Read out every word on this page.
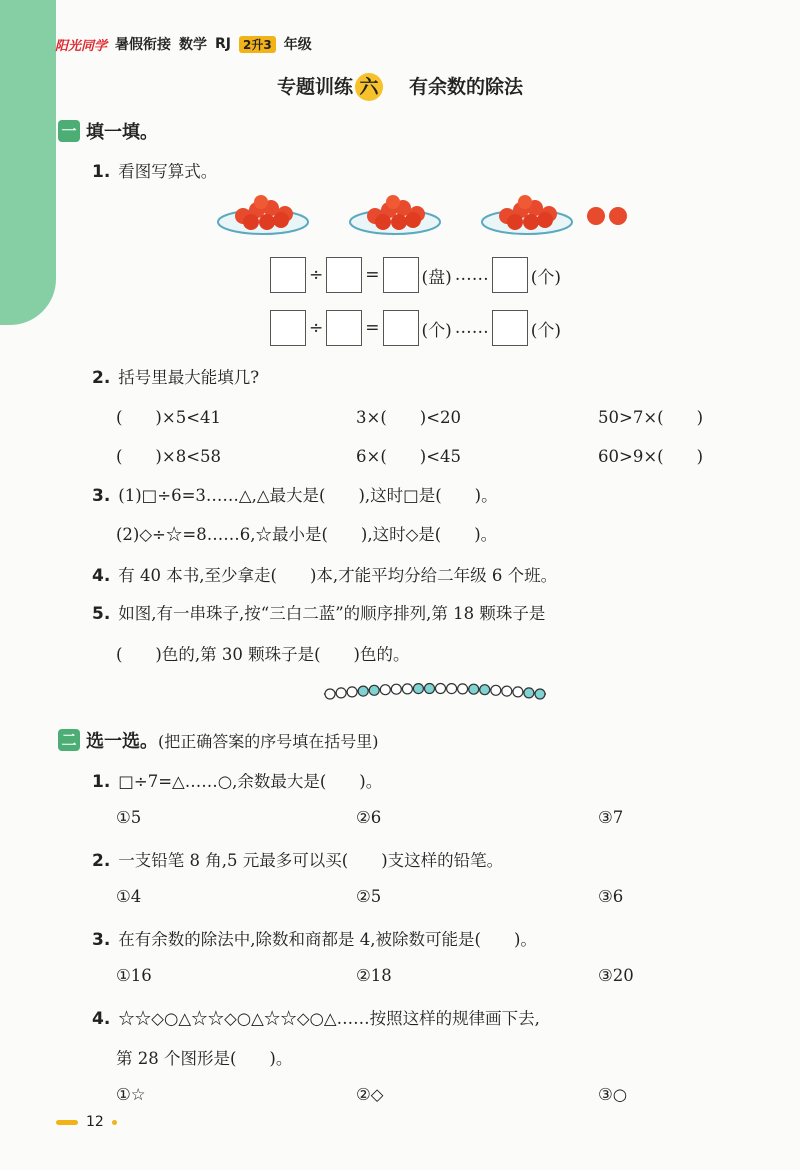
阳光同学 暑假衔接 数学 RJ	2升3 年级
专题训练 六 有余数的除法
一 填一填。
1. 看图写算式。
÷ = (盘) …… (个)
÷ = (个) …… (个)
2. 括号里最大能填几?
(　　)×5<41	3×(　　)<20	50>7×(　　)
(　　)×8<58	6×(　　)<45	60>9×(　　)
3. (1)□÷6=3……△,△最大是(　　),这时□是(　　)。
(2)◇÷☆=8……6,☆最小是(　　),这时◇是(　　)。
4. 有 40 本书,至少拿走(　　)本,才能平均分给二年级 6 个班。
5. 如图,有一串珠子,按“三白二蓝”的顺序排列,第 18 颗珠子是
(　　)色的,第 30 颗珠子是(　　)色的。
二 选一选。 (把正确答案的序号填在括号里)
1. □÷7=△……○,余数最大是(　　)。
①5	②6	③7
2. 一支铅笔 8 角,5 元最多可以买(　　)支这样的铅笔。
①4	②5	③6
3. 在有余数的除法中,除数和商都是 4,被除数可能是(　　)。
①16	②18	③20
4. ☆☆◇○△☆☆◇○△☆☆◇○△……按照这样的规律画下去,
第 28 个图形是(　　)。
①☆	②◇	③○
12
